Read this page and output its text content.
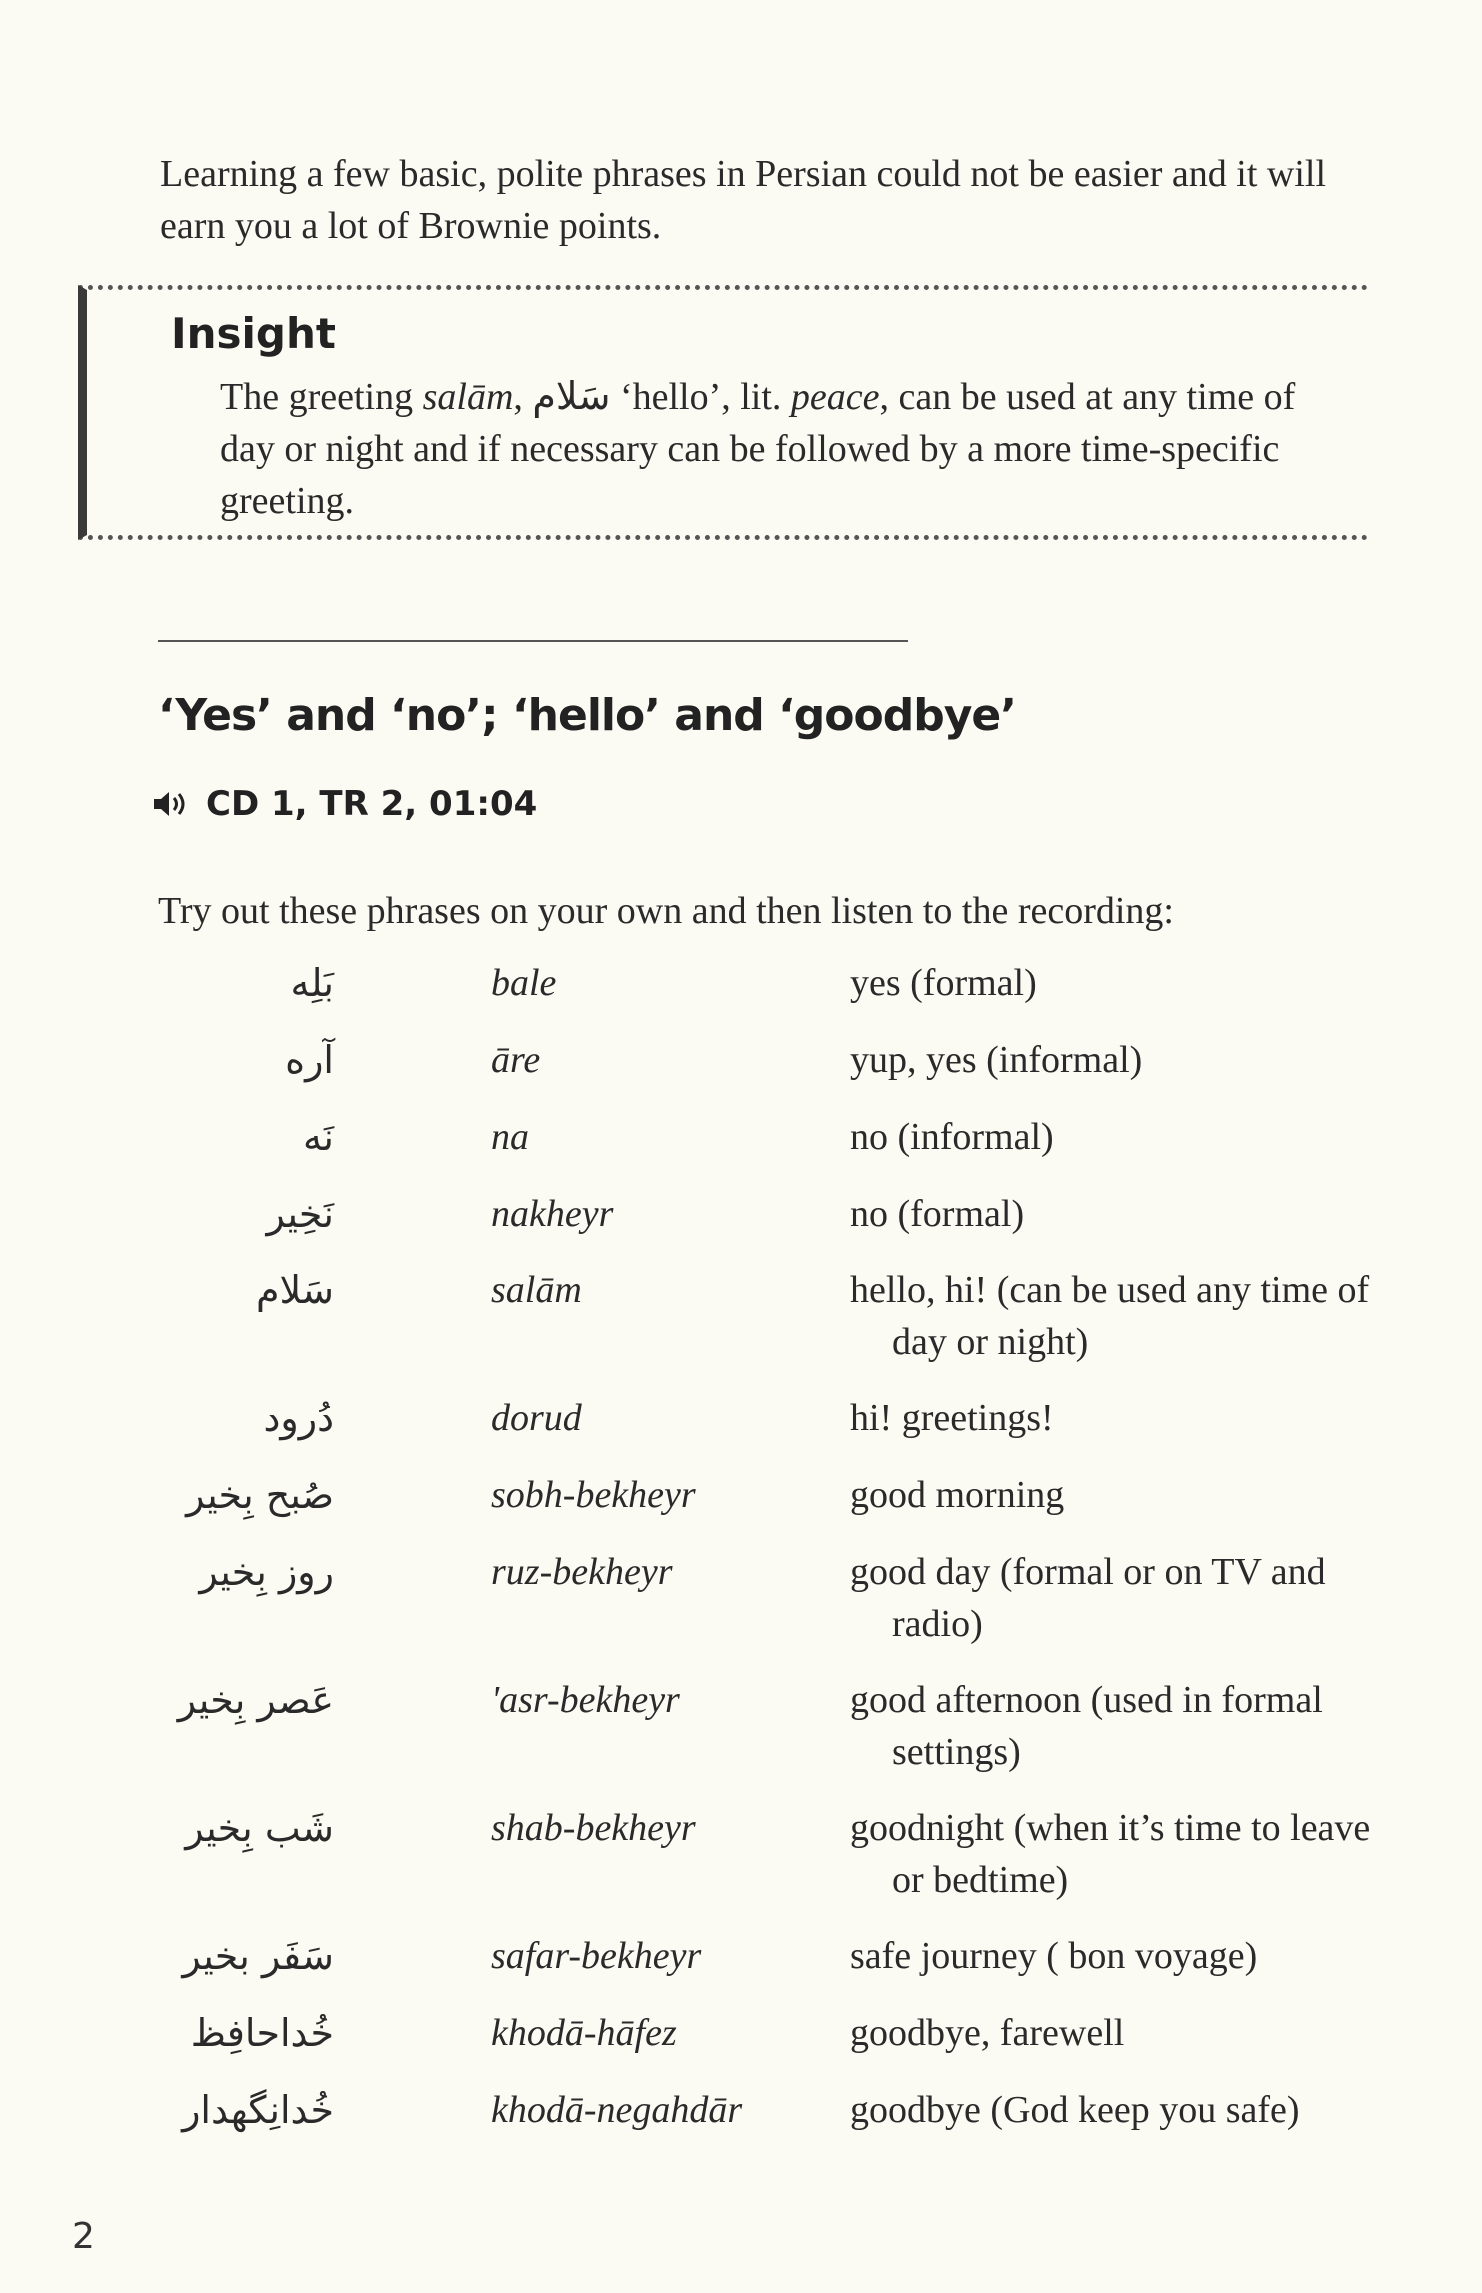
Learning a few basic, polite phrases in Persian could not be easier and it will earn you a lot of Brownie points.

Insight

The greeting salām, سَلام ‘hello’, lit. peace, can be used at any time of day or night and if necessary can be followed by a more time-specific greeting.

‘Yes’ and ‘no’; ‘hello’ and ‘goodbye’
CD 1, TR 2, 01:04

Try out these phrases on your own and then listen to the recording:

بَلِه	bale	yes (formal)
آره	āre	yup, yes (informal)
نَه	na	no (informal)
نَخِیر	nakheyr	no (formal)
سَلام	salām	hello, hi! (can be used any time of day or night)
دُرود	dorud	hi! greetings!
صُبح بِخیر	sobh-bekheyr	good morning
روز بِخیر	ruz-bekheyr	good day (formal or on TV and radio)
عَصر بِخیر	'asr-bekheyr	good afternoon (used in formal settings)
شَب بِخیر	shab-bekheyr	goodnight (when it’s time to leave or bedtime)
سَفَر بخیر	safar-bekheyr	safe journey ( bon voyage)
خُداحافِظ	khodā-hāfez	goodbye, farewell
خُدانِگهدار	khodā-negahdār	goodbye (God keep you safe)
2
